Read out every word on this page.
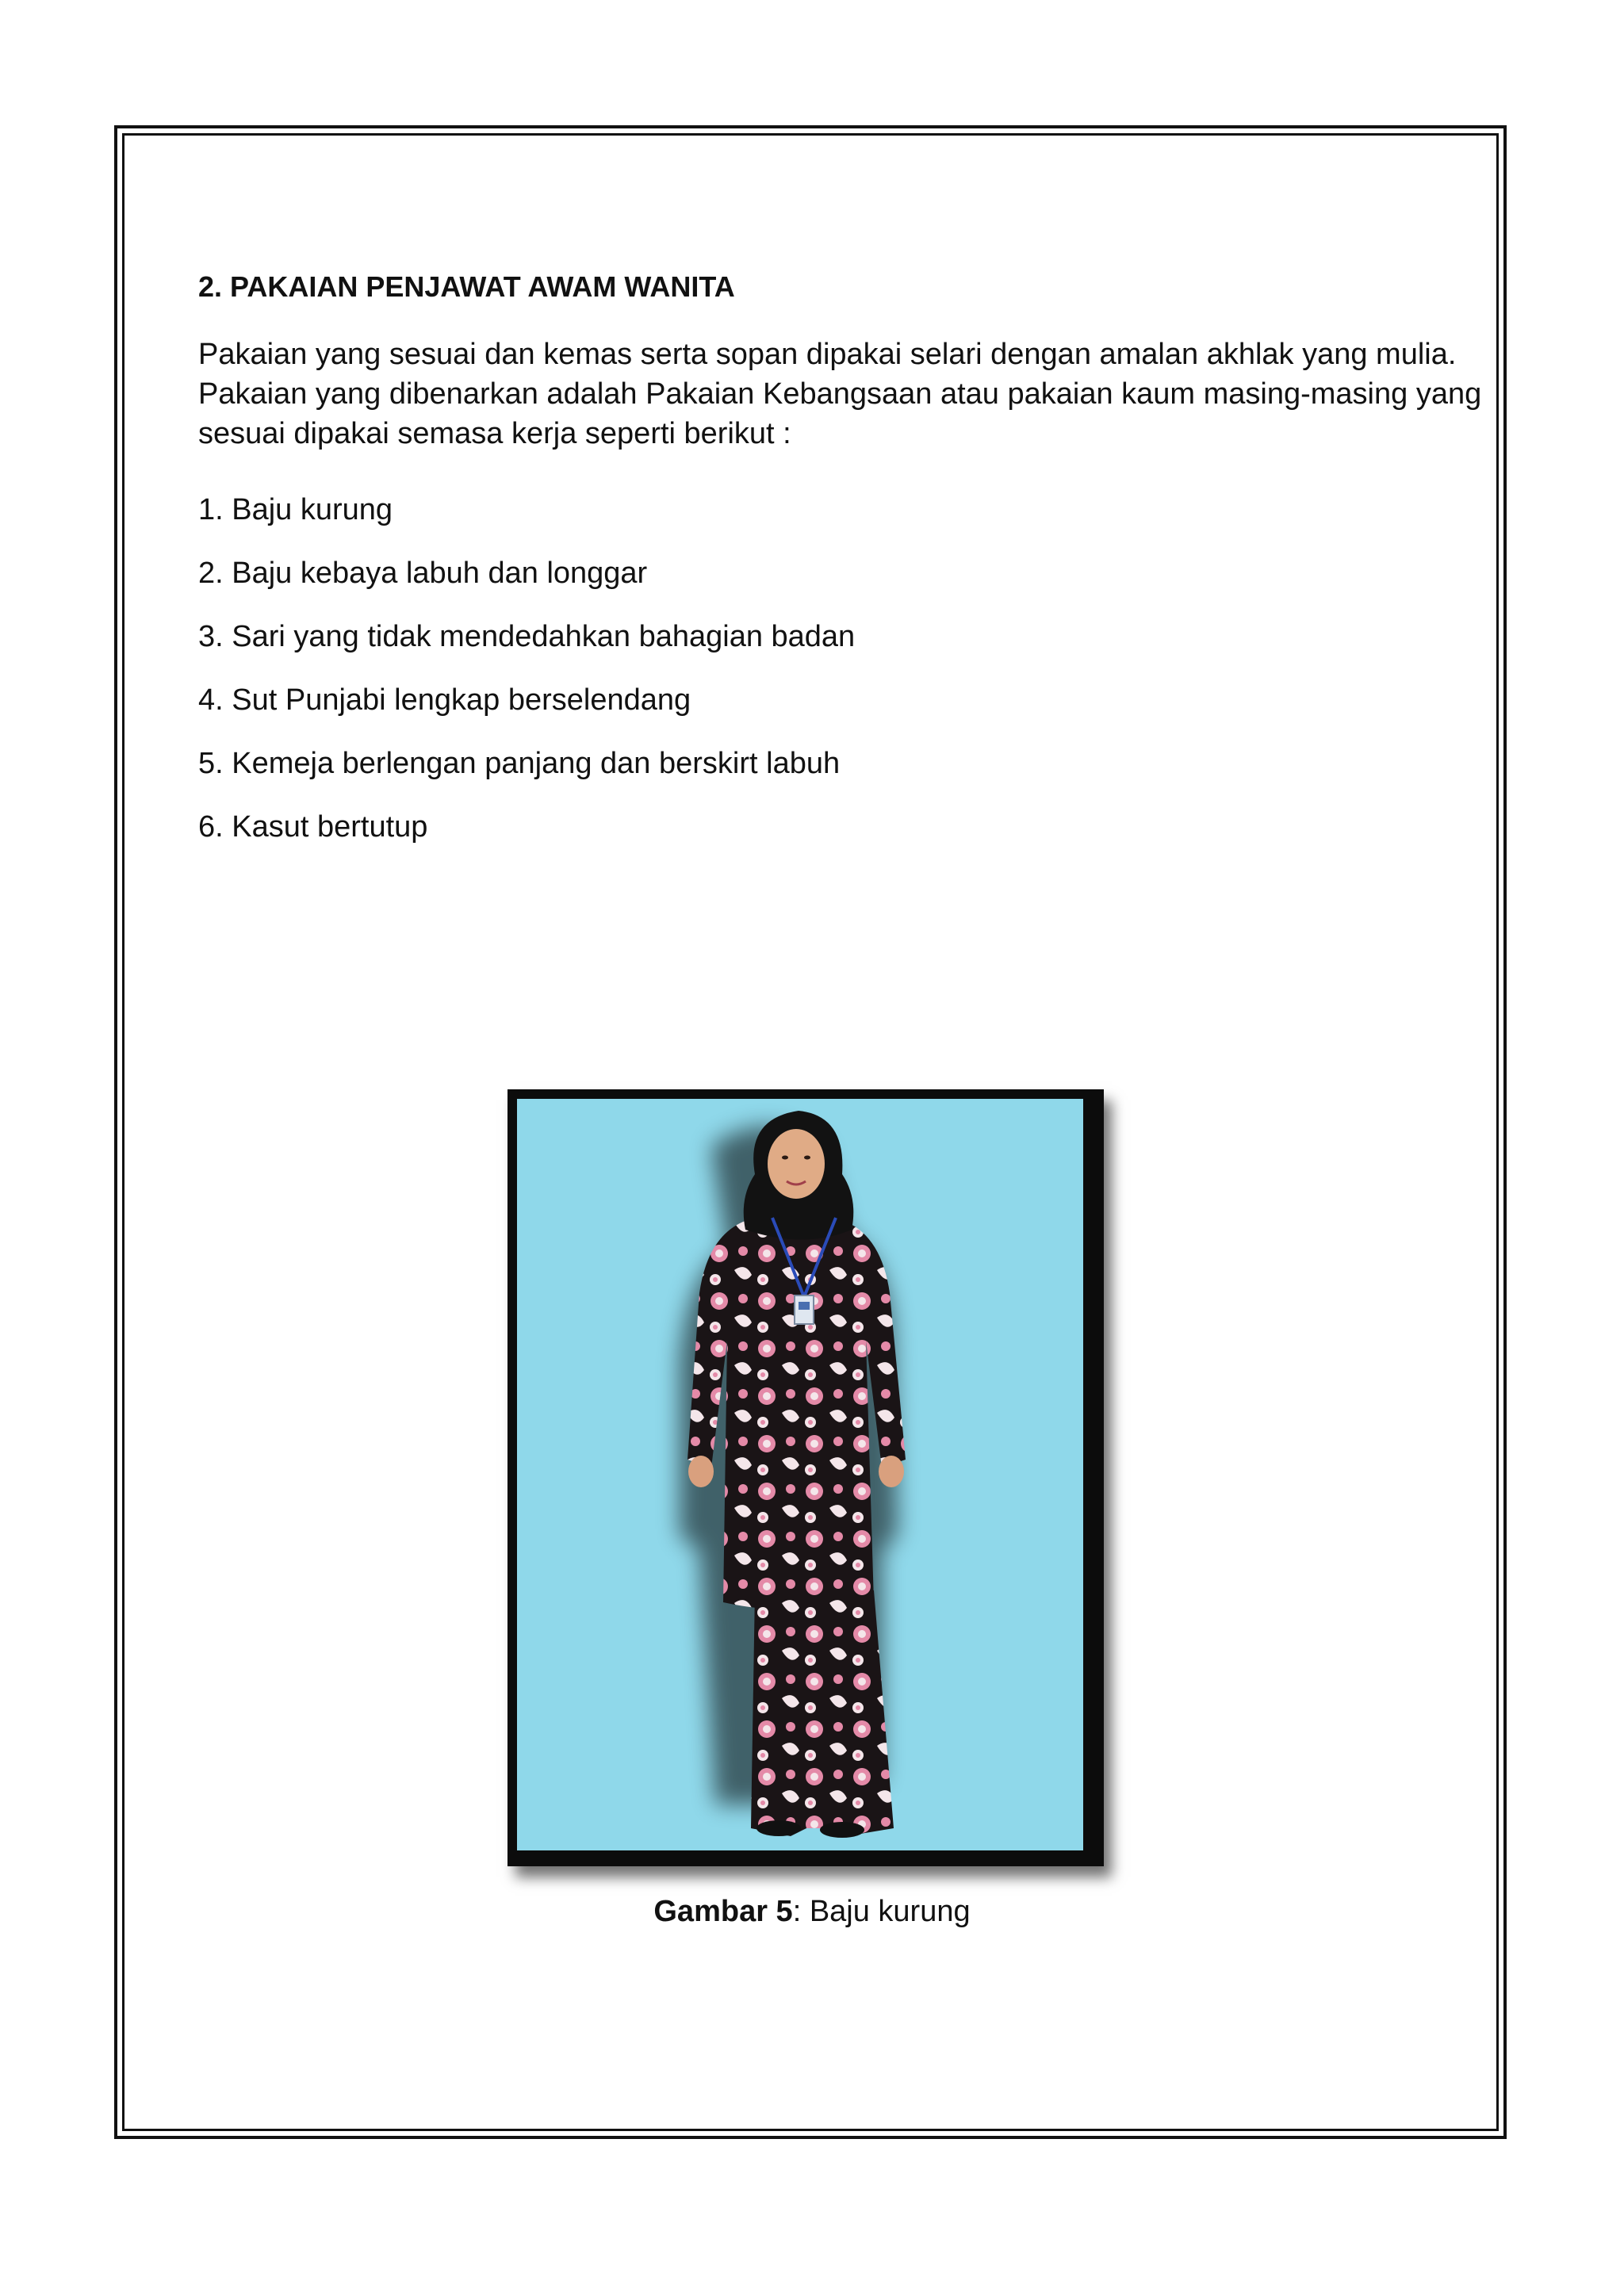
2. PAKAIAN PENJAWAT AWAM WANITA

Pakaian yang sesuai dan kemas serta sopan dipakai selari dengan amalan akhlak yang mulia.
Pakaian yang dibenarkan adalah Pakaian Kebangsaan atau pakaian kaum masing-masing yang
sesuai dipakai semasa kerja seperti berikut :

1. Baju kurung
2. Baju kebaya labuh dan longgar
3. Sari yang tidak mendedahkan bahagian badan
4. Sut Punjabi lengkap berselendang
5. Kemeja berlengan panjang dan berskirt labuh
6. Kasut bertutup
Gambar 5: Baju kurung
